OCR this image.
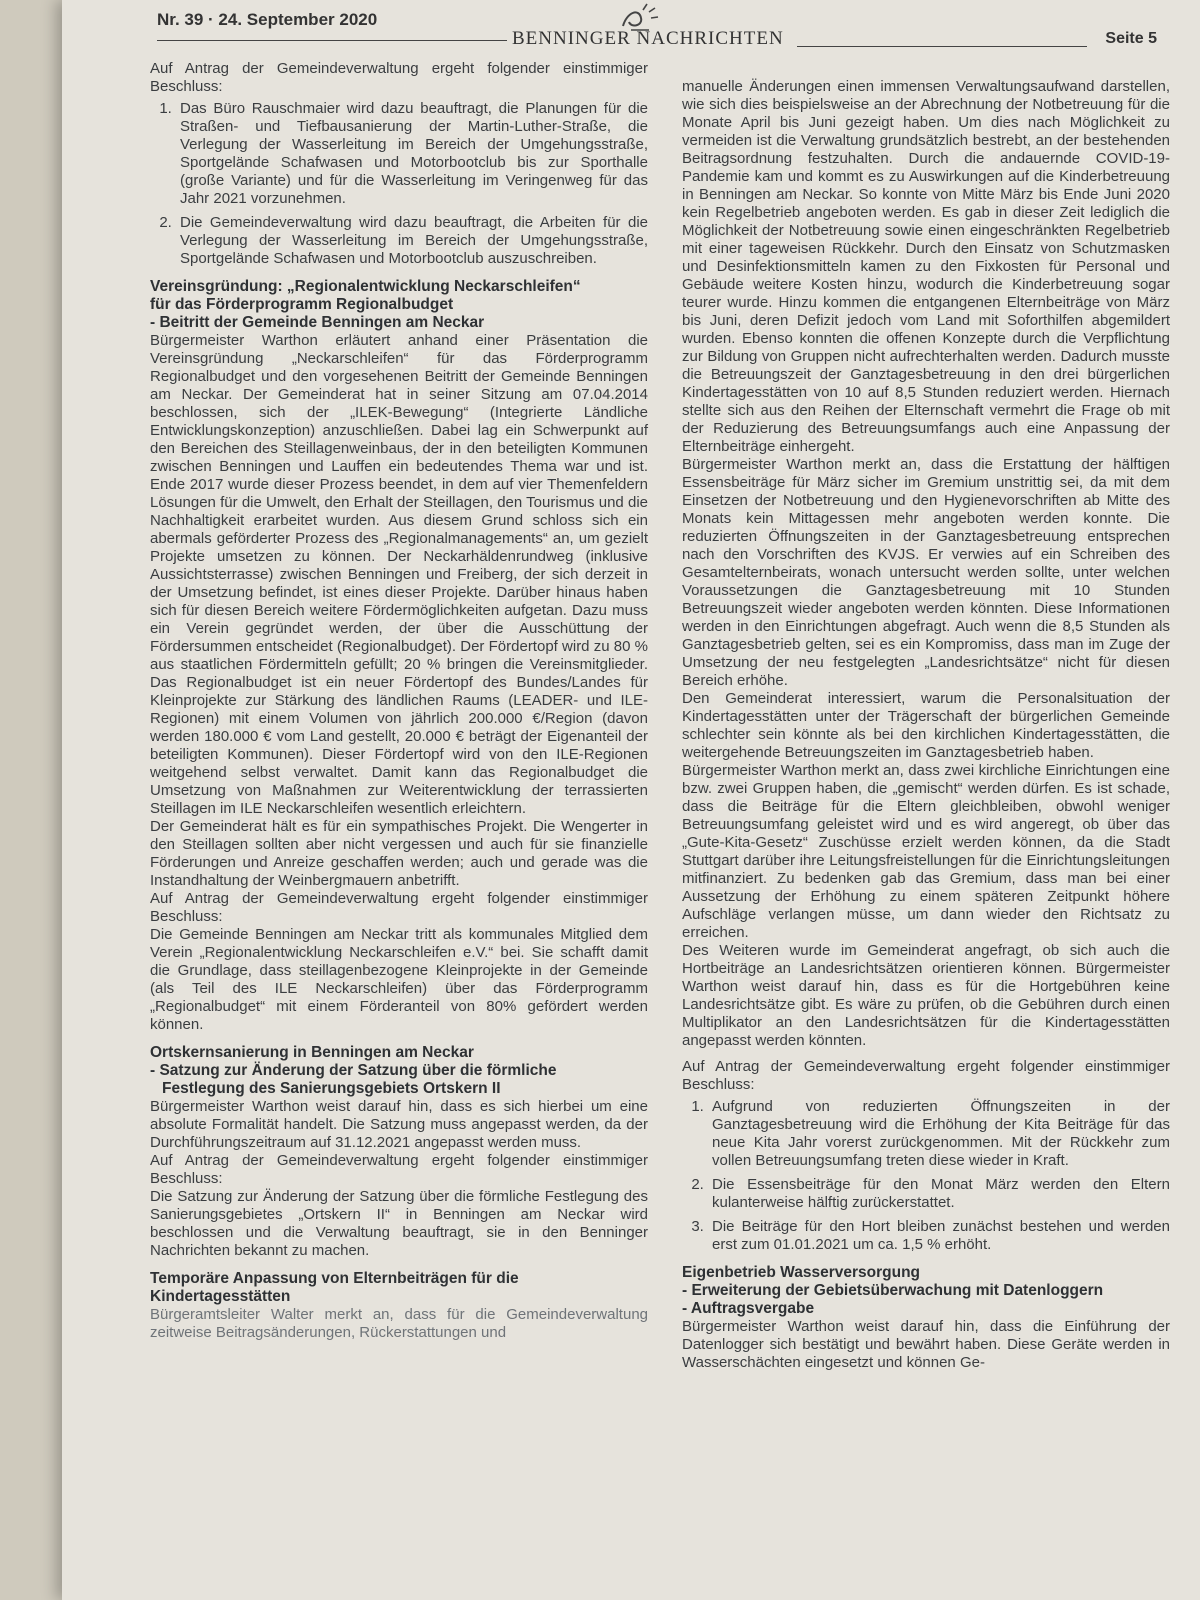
Nr. 39 · 24. September 2020
BENNINGER NACHRICHTEN	Seite 5

Auf Antrag der Gemeindeverwaltung ergeht folgender einstimmiger Beschluss:

1. Das Büro Rauschmaier wird dazu beauftragt, die Planungen für die Straßen- und Tiefbausanierung der Martin-Luther-Straße, die Verlegung der Wasserleitung im Bereich der Umgehungsstraße, Sportgelände Schafwasen und Motorbootclub bis zur Sporthalle (große Variante) und für die Wasserleitung im Veringenweg für das Jahr 2021 vorzunehmen.
2. Die Gemeindeverwaltung wird dazu beauftragt, die Arbeiten für die Verlegung der Wasserleitung im Bereich der Umgehungsstraße, Sportgelände Schafwasen und Motorbootclub auszuschreiben.
Vereinsgründung: „Regionalentwicklung Neckarschleifen“
für das Förderprogramm Regionalbudget
- Beitritt der Gemeinde Benningen am Neckar

Bürgermeister Warthon erläutert anhand einer Präsentation die Vereinsgründung „Neckarschleifen“ für das Förderprogramm Regionalbudget und den vorgesehenen Beitritt der Gemeinde Benningen am Neckar. Der Gemeinderat hat in seiner Sitzung am 07.04.2014 beschlossen, sich der „ILEK-Bewegung“ (Integrierte Ländliche Entwicklungskonzeption) anzuschließen. Dabei lag ein Schwerpunkt auf den Bereichen des Steillagenweinbaus, der in den beteiligten Kommunen zwischen Benningen und Lauffen ein bedeutendes Thema war und ist. Ende 2017 wurde dieser Prozess beendet, in dem auf vier Themenfeldern Lösungen für die Umwelt, den Erhalt der Steillagen, den Tourismus und die Nachhaltigkeit erarbeitet wurden. Aus diesem Grund schloss sich ein abermals geförderter Prozess des „Regionalmanagements“ an, um gezielt Projekte umsetzen zu können. Der Neckarhäldenrundweg (inklusive Aussichtsterrasse) zwischen Benningen und Freiberg, der sich derzeit in der Umsetzung befindet, ist eines dieser Projekte. Darüber hinaus haben sich für diesen Bereich weitere Fördermöglichkeiten aufgetan. Dazu muss ein Verein gegründet werden, der über die Ausschüttung der Fördersummen entscheidet (Regionalbudget). Der Fördertopf wird zu 80 % aus staatlichen Fördermitteln gefüllt; 20 % bringen die Vereinsmitglieder. Das Regionalbudget ist ein neuer Fördertopf des Bundes/Landes für Kleinprojekte zur Stärkung des ländlichen Raums (LEADER- und ILE-Regionen) mit einem Volumen von jährlich 200.000 €/Region (davon werden 180.000 € vom Land gestellt, 20.000 € beträgt der Eigenanteil der beteiligten Kommunen). Dieser Fördertopf wird von den ILE-Regionen weitgehend selbst verwaltet. Damit kann das Regionalbudget die Umsetzung von Maßnahmen zur Weiterentwicklung der terrassierten Steillagen im ILE Neckarschleifen wesentlich erleichtern.

Der Gemeinderat hält es für ein sympathisches Projekt. Die Wengerter in den Steillagen sollten aber nicht vergessen und auch für sie finanzielle Förderungen und Anreize geschaffen werden; auch und gerade was die Instandhaltung der Weinbergmauern anbetrifft.

Auf Antrag der Gemeindeverwaltung ergeht folgender einstimmiger Beschluss:

Die Gemeinde Benningen am Neckar tritt als kommunales Mitglied dem Verein „Regionalentwicklung Neckarschleifen e.V.“ bei. Sie schafft damit die Grundlage, dass steillagenbezogene Kleinprojekte in der Gemeinde (als Teil des ILE Neckarschleifen) über das Förderprogramm „Regionalbudget“ mit einem Förderanteil von 80% gefördert werden können.

Ortskernsanierung in Benningen am Neckar
- Satzung zur Änderung der Satzung über die förmliche
Festlegung des Sanierungsgebiets Ortskern II

Bürgermeister Warthon weist darauf hin, dass es sich hierbei um eine absolute Formalität handelt. Die Satzung muss angepasst werden, da der Durchführungszeitraum auf 31.12.2021 angepasst werden muss.

Auf Antrag der Gemeindeverwaltung ergeht folgender einstimmiger Beschluss:

Die Satzung zur Änderung der Satzung über die förmliche Festlegung des Sanierungsgebietes „Ortskern II“ in Benningen am Neckar wird beschlossen und die Verwaltung beauftragt, sie in den Benninger Nachrichten bekannt zu machen.

Temporäre Anpassung von Elternbeiträgen für die Kindertagesstätten

Bürgeramtsleiter Walter merkt an, dass für die Gemeindeverwaltung zeitweise Beitragsänderungen, Rückerstattungen und

manuelle Änderungen einen immensen Verwaltungsaufwand darstellen, wie sich dies beispielsweise an der Abrechnung der Notbetreuung für die Monate April bis Juni gezeigt haben. Um dies nach Möglichkeit zu vermeiden ist die Verwaltung grundsätzlich bestrebt, an der bestehenden Beitragsordnung festzuhalten. Durch die andauernde COVID-19-Pandemie kam und kommt es zu Auswirkungen auf die Kinderbetreuung in Benningen am Neckar. So konnte von Mitte März bis Ende Juni 2020 kein Regelbetrieb angeboten werden. Es gab in dieser Zeit lediglich die Möglichkeit der Notbetreuung sowie einen eingeschränkten Regelbetrieb mit einer tageweisen Rückkehr. Durch den Einsatz von Schutzmasken und Desinfektionsmitteln kamen zu den Fixkosten für Personal und Gebäude weitere Kosten hinzu, wodurch die Kinderbetreuung sogar teurer wurde. Hinzu kommen die entgangenen Elternbeiträge von März bis Juni, deren Defizit jedoch vom Land mit Soforthilfen abgemildert wurden. Ebenso konnten die offenen Konzepte durch die Verpflichtung zur Bildung von Gruppen nicht aufrechterhalten werden. Dadurch musste die Betreuungszeit der Ganztagesbetreuung in den drei bürgerlichen Kindertagesstätten von 10 auf 8,5 Stunden reduziert werden. Hiernach stellte sich aus den Reihen der Elternschaft vermehrt die Frage ob mit der Reduzierung des Betreuungsumfangs auch eine Anpassung der Elternbeiträge einhergeht.

Bürgermeister Warthon merkt an, dass die Erstattung der hälftigen Essensbeiträge für März sicher im Gremium unstrittig sei, da mit dem Einsetzen der Notbetreuung und den Hygienevorschriften ab Mitte des Monats kein Mittagessen mehr angeboten werden konnte. Die reduzierten Öffnungszeiten in der Ganztagesbetreuung entsprechen nach den Vorschriften des KVJS. Er verwies auf ein Schreiben des Gesamtelternbeirats, wonach untersucht werden sollte, unter welchen Voraussetzungen die Ganztagesbetreuung mit 10 Stunden Betreuungszeit wieder angeboten werden könnten. Diese Informationen werden in den Einrichtungen abgefragt. Auch wenn die 8,5 Stunden als Ganztagesbetrieb gelten, sei es ein Kompromiss, dass man im Zuge der Umsetzung der neu festgelegten „Landesrichtsätze“ nicht für diesen Bereich erhöhe.

Den Gemeinderat interessiert, warum die Personalsituation der Kindertagesstätten unter der Trägerschaft der bürgerlichen Gemeinde schlechter sein könnte als bei den kirchlichen Kindertagesstätten, die weitergehende Betreuungszeiten im Ganztagesbetrieb haben.

Bürgermeister Warthon merkt an, dass zwei kirchliche Einrichtungen eine bzw. zwei Gruppen haben, die „gemischt“ werden dürfen. Es ist schade, dass die Beiträge für die Eltern gleichbleiben, obwohl weniger Betreuungsumfang geleistet wird und es wird angeregt, ob über das „Gute-Kita-Gesetz“ Zuschüsse erzielt werden können, da die Stadt Stuttgart darüber ihre Leitungsfreistellungen für die Einrichtungsleitungen mitfinanziert. Zu bedenken gab das Gremium, dass man bei einer Aussetzung der Erhöhung zu einem späteren Zeitpunkt höhere Aufschläge verlangen müsse, um dann wieder den Richtsatz zu erreichen.

Des Weiteren wurde im Gemeinderat angefragt, ob sich auch die Hortbeiträge an Landesrichtsätzen orientieren können. Bürgermeister Warthon weist darauf hin, dass es für die Hortgebühren keine Landesrichtsätze gibt. Es wäre zu prüfen, ob die Gebühren durch einen Multiplikator an den Landesrichtsätzen für die Kindertagesstätten angepasst werden könnten.

Auf Antrag der Gemeindeverwaltung ergeht folgender einstimmiger Beschluss:

1. Aufgrund von reduzierten Öffnungszeiten in der Ganztagesbetreuung wird die Erhöhung der Kita Beiträge für das neue Kita Jahr vorerst zurückgenommen. Mit der Rückkehr zum vollen Betreuungsumfang treten diese wieder in Kraft.
2. Die Essensbeiträge für den Monat März werden den Eltern kulanterweise hälftig zurückerstattet.
3. Die Beiträge für den Hort bleiben zunächst bestehen und werden erst zum 01.01.2021 um ca. 1,5 % erhöht.
Eigenbetrieb Wasserversorgung
- Erweiterung der Gebietsüberwachung mit Datenloggern
- Auftragsvergabe

Bürgermeister Warthon weist darauf hin, dass die Einführung der Datenlogger sich bestätigt und bewährt haben. Diese Geräte werden in Wasserschächten eingesetzt und können Ge-
